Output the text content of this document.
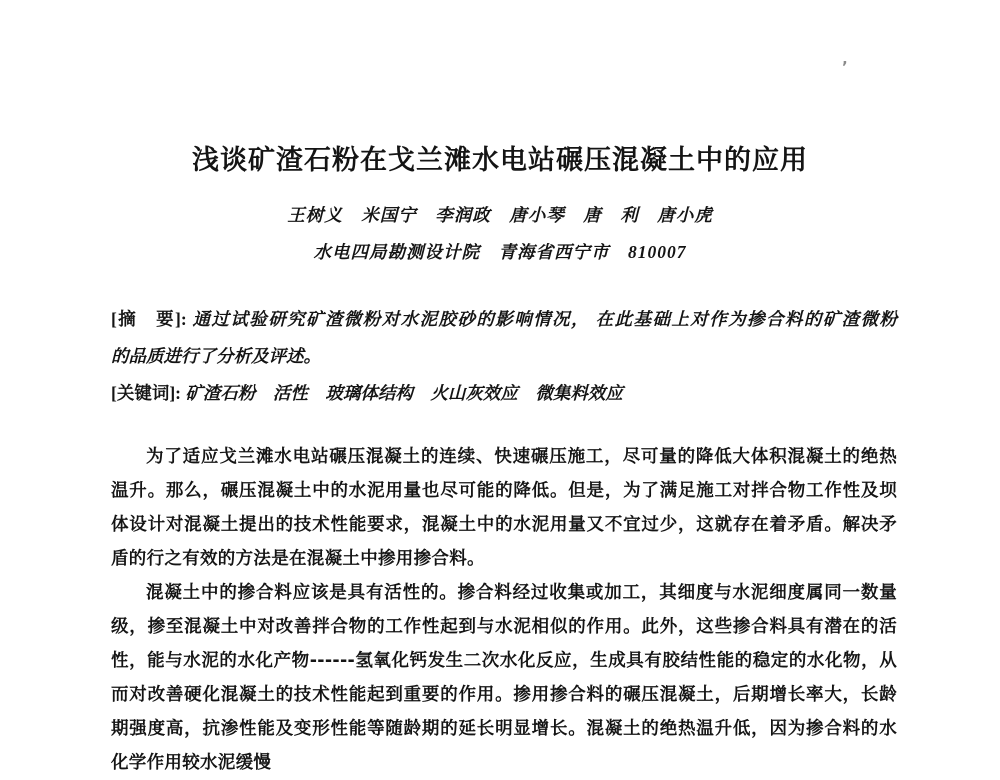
’
浅谈矿渣石粉在戈兰滩水电站碾压混凝土中的应用
王树义　米国宁　李润政　唐小琴　唐　利　唐小虎
水电四局勘测设计院　青海省西宁市　810007
[摘　要]: 通过试验研究矿渣微粉对水泥胶砂的影响情况， 在此基础上对作为掺合料的矿渣微粉
的品质进行了分析及评述。
[关键词]: 矿渣石粉　活性　玻璃体结构　火山灰效应　微集料效应
为了适应戈兰滩水电站碾压混凝土的连续、快速碾压施工，尽可量的降低大体积混凝土的绝热
温升。那么，碾压混凝土中的水泥用量也尽可能的降低。但是，为了满足施工对拌合物工作性及坝
体设计对混凝土提出的技术性能要求，混凝土中的水泥用量又不宜过少，这就存在着矛盾。解决矛
盾的行之有效的方法是在混凝土中掺用掺合料。
混凝土中的掺合料应该是具有活性的。掺合料经过收集或加工，其细度与水泥细度属同一数量
级，掺至混凝土中对改善拌合物的工作性起到与水泥相似的作用。此外，这些掺合料具有潜在的活
性，能与水泥的水化产物------氢氧化钙发生二次水化反应，生成具有胶结性能的稳定的水化物，从
而对改善硬化混凝土的技术性能起到重要的作用。掺用掺合料的碾压混凝土，后期增长率大，长龄
期强度高，抗渗性能及变形性能等随龄期的延长明显增长。混凝土的绝热温升低，因为掺合料的水
化学作用较水泥缓慢
